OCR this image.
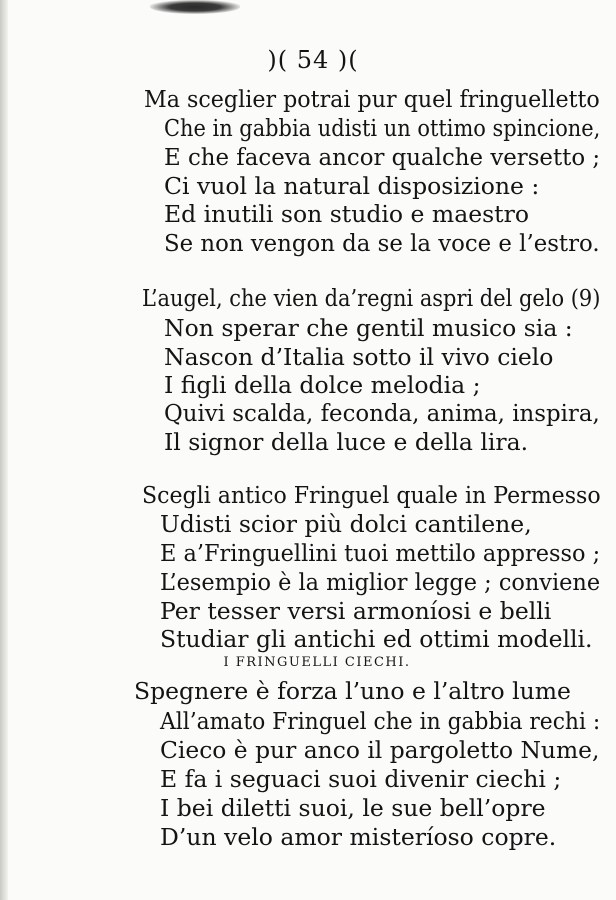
)( 54 )(
Ma sceglier potrai pur quel fringuelletto
Che in gabbia udisti un ottimo spincione,
E che faceva ancor qualche versetto ;
Ci vuol la natural disposizione :
Ed inutili son studio e maestro
Se non vengon da se la voce e l’estro.
L’augel, che vien da’regni aspri del gelo (9)
Non sperar che gentil musico sia :
Nascon d’Italia sotto il vivo cielo
I figli della dolce melodia ;
Quivi scalda, feconda, anima, inspira,
Il signor della luce e della lira.
Scegli antico Fringuel quale in Permesso
Udisti scior più dolci cantilene,
E a’Fringuellini tuoi mettilo appresso ;
L’esempio è la miglior legge ; conviene
Per tesser versi armoníosi e belli
Studiar gli antichi ed ottimi modelli.
I FRINGUELLI CIECHI.
Spegnere è forza l’uno e l’altro lume
All’amato Fringuel che in gabbia rechi :
Cieco è pur anco il pargoletto Nume,
E fa i seguaci suoi divenir ciechi ;
I bei diletti suoi, le sue bell’opre
D’un velo amor misteríoso copre.
